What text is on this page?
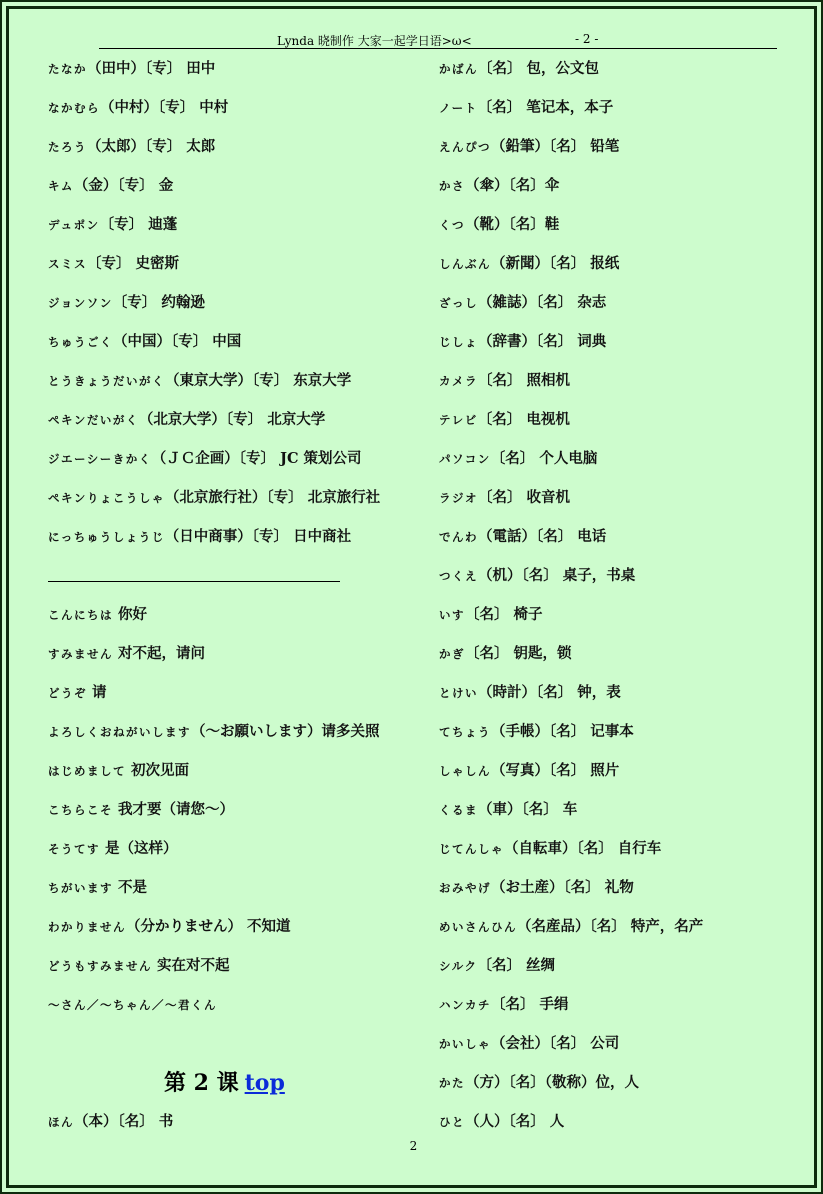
Lynda 晓制作 大家一起学日语>ω<	- 2 -
たなか（田中）〔专〕 田中
なかむら（中村）〔专〕 中村
たろう（太郎）〔专〕 太郎
キム（金）〔专〕 金
デュポン〔专〕 迪蓬
スミス〔专〕 史密斯
ジョンソン〔专〕 约翰逊
ちゅうごく（中国）〔专〕 中国
とうきょうだいがく（東京大学）〔专〕 东京大学
ペキンだいがく（北京大学）〔专〕 北京大学
ジエーシーきかく（ＪＣ企画）〔专〕 JC 策划公司
ペキンりょこうしゃ（北京旅行社）〔专〕 北京旅行社
にっちゅうしょうじ（日中商事）〔专〕 日中商社
こんにちは 你好
すみません 对不起，请问
どうぞ 请
よろしくおねがいします（～お願いします）请多关照
はじめまして 初次见面
こちらこそ 我才要（请您～）
そうてす 是（这样）
ちがいます 不是
わかりません（分かりません） 不知道
どうもすみません 实在对不起
～さん／～ちゃん／～君くん
第 2 课 top
ほん（本）〔名〕 书
かばん〔名〕 包，公文包
ノート〔名〕 笔记本，本子
えんぴつ（鉛筆）〔名〕 铅笔
かさ（傘）〔名〕伞
くつ（靴）〔名〕鞋
しんぶん（新聞）〔名〕 报纸
ざっし（雑誌）〔名〕 杂志
じしょ（辞書）〔名〕 词典
カメラ〔名〕 照相机
テレビ〔名〕 电视机
パソコン〔名〕 个人电脑
ラジオ〔名〕 收音机
でんわ（電話）〔名〕 电话
つくえ（机）〔名〕 桌子，书桌
いす〔名〕 椅子
かぎ〔名〕 钥匙，锁
とけい（時計）〔名〕 钟，表
てちょう（手帳）〔名〕 记事本
しゃしん（写真）〔名〕 照片
くるま（車）〔名〕 车
じてんしゃ（自転車）〔名〕 自行车
おみやげ（お土産）〔名〕 礼物
めいさんひん（名産品）〔名〕 特产，名产
シルク〔名〕 丝绸
ハンカチ〔名〕 手绢
かいしゃ（会社）〔名〕 公司
かた（方）〔名〕（敬称）位，人
ひと（人）〔名〕 人
2
